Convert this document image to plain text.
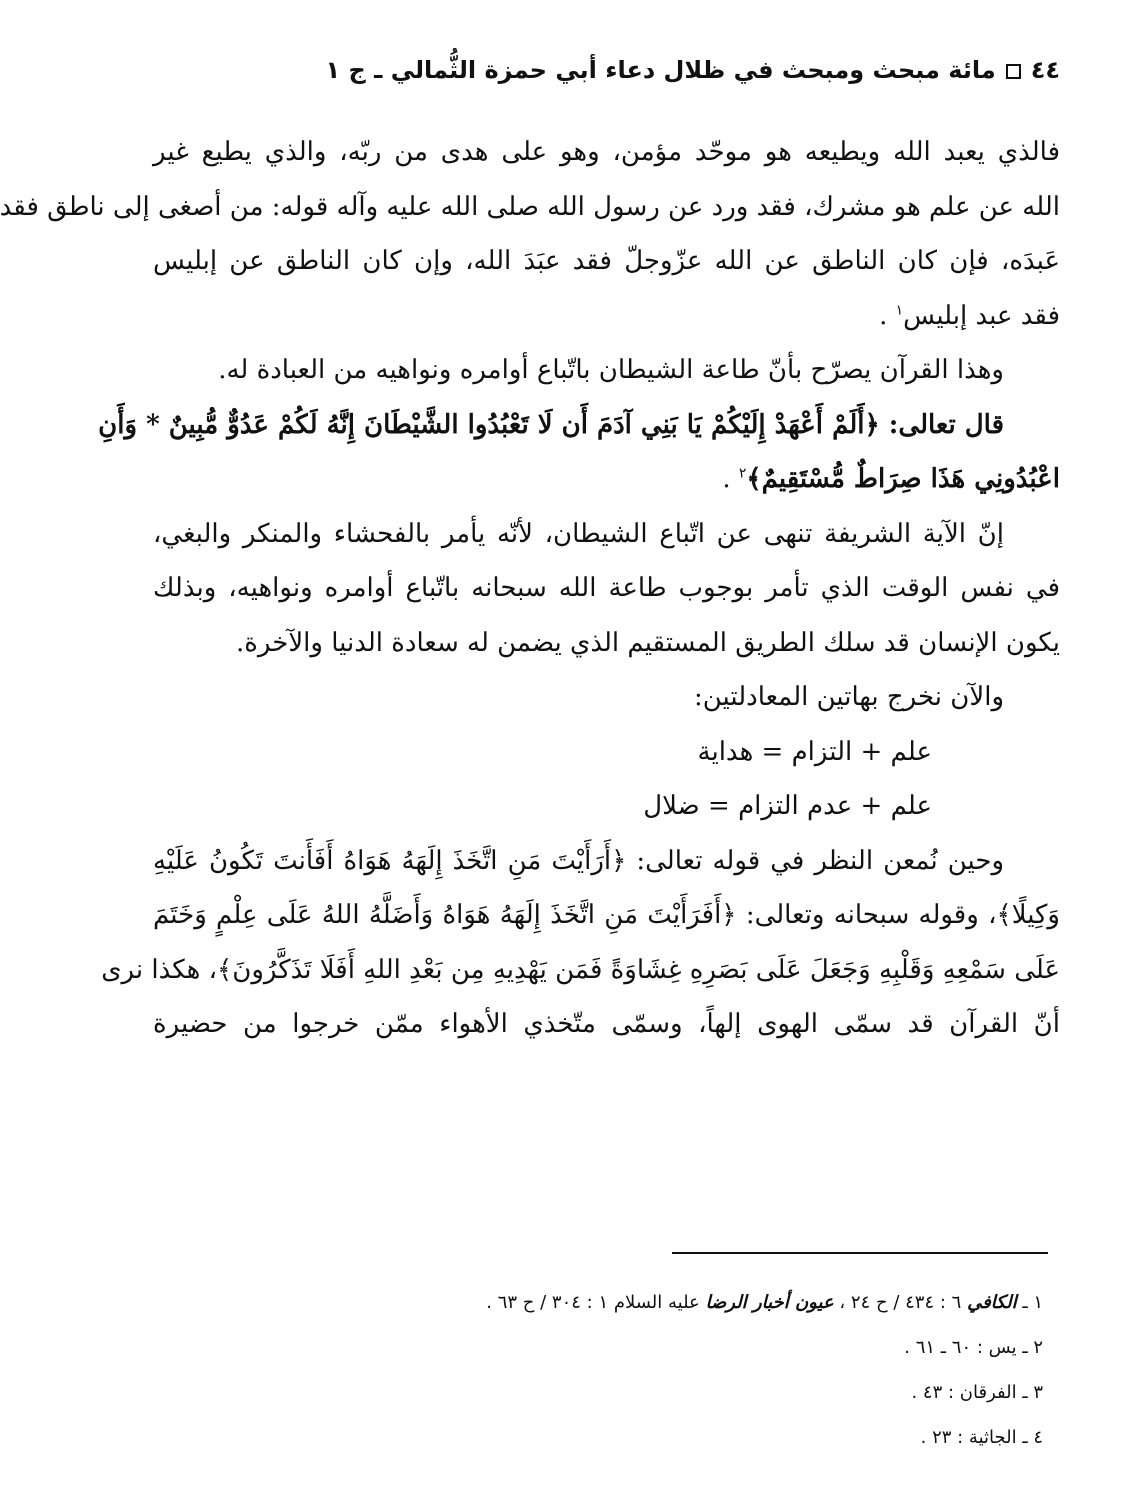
٤٤مائة مبحث ومبحث في ظلال دعاء أبي حمزة الثُّمالي ـ ج ١
فالذي يعبد الله ويطيعه هو موحّد مؤمن، وهو على هدى من ربّه، والذي يطيع غير
الله عن علم هو مشرك، فقد ورد عن رسول الله صلى الله عليه وآله قوله: من أصغى إلى ناطق فقد
عَبدَه، فإن كان الناطق عن الله عزّوجلّ فقد عبَدَ الله، وإن كان الناطق عن إبليس
فقد عبد إبليس$^١$ .
وهذا القرآن يصرّح بأنّ طاعة الشيطان باتّباع أوامره ونواهيه من العبادة له.
قال تعالى: ﴿أَلَمْ أَعْهَدْ إِلَيْكُمْ يَا بَنِي آدَمَ أَن لَا تَعْبُدُوا الشَّيْطَانَ إِنَّهُ لَكُمْ عَدُوٌّ مُّبِينٌ * وَأَنِ
اعْبُدُونِي هَذَا صِرَاطٌ مُّسْتَقِيمٌ﴾$^٢$ .
إنّ الآية الشريفة تنهى عن اتّباع الشيطان، لأنّه يأمر بالفحشاء والمنكر والبغي،
في نفس الوقت الذي تأمر بوجوب طاعة الله سبحانه باتّباع أوامره ونواهيه، وبذلك
يكون الإنسان قد سلك الطريق المستقيم الذي يضمن له سعادة الدنيا والآخرة.
والآن نخرج بهاتين المعادلتين:
علم + التزام = هداية
علم + عدم التزام = ضلال
وحين نُمعن النظر في قوله تعالى: ﴿أَرَأَيْتَ مَنِ اتَّخَذَ إِلَهَهُ هَوَاهُ أَفَأَنتَ تَكُونُ عَلَيْهِ
وَكِيلًا﴾، وقوله سبحانه وتعالى: ﴿أَفَرَأَيْتَ مَنِ اتَّخَذَ إِلَهَهُ هَوَاهُ وَأَضَلَّهُ اللهُ عَلَى عِلْمٍ وَخَتَمَ
عَلَى سَمْعِهِ وَقَلْبِهِ وَجَعَلَ عَلَى بَصَرِهِ غِشَاوَةً فَمَن يَهْدِيهِ مِن بَعْدِ اللهِ أَفَلَا تَذَكَّرُونَ﴾، هكذا نرى
أنّ القرآن قد سمّى الهوى إلهاً، وسمّى متّخذي الأهواء ممّن خرجوا من حضيرة
١ ـ الكافي ٦ : ٤٣٤ / ح ٢٤ ، عيون أخبار الرضا عليه السلام ١ : ٣٠٤ / ح ٦٣ .
٢ ـ يس : ٦٠ ـ ٦١ .
٣ ـ الفرقان : ٤٣ .
٤ ـ الجاثية : ٢٣ .
